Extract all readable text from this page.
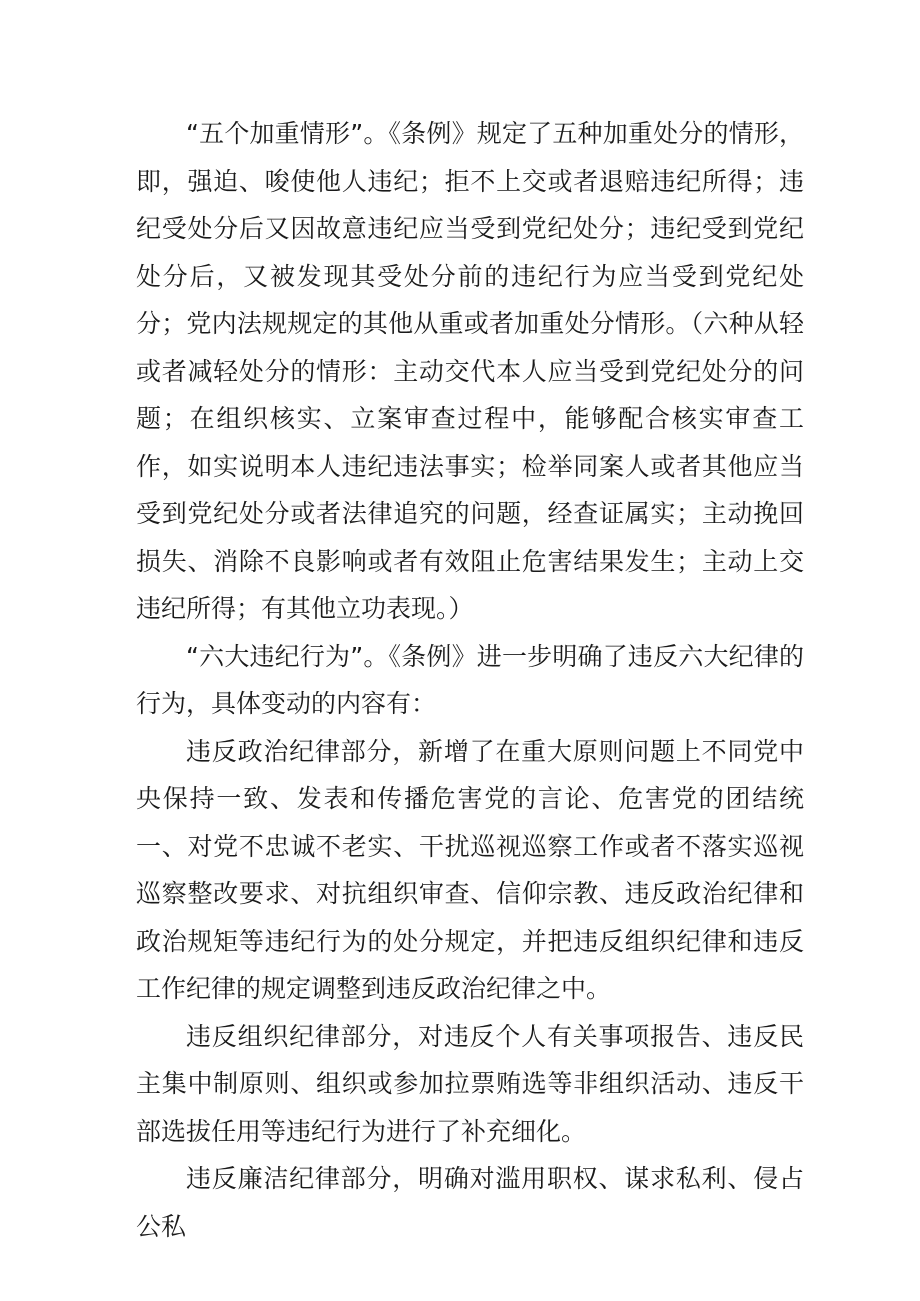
“五个加重情形”。《条例》规定了五种加重处分的情形，即，强迫、唆使他人违纪；拒不上交或者退赔违纪所得；违纪受处分后又因故意违纪应当受到党纪处分；违纪受到党纪处分后，又被发现其受处分前的违纪行为应当受到党纪处分；党内法规规定的其他从重或者加重处分情形。（六种从轻或者减轻处分的情形：主动交代本人应当受到党纪处分的问题；在组织核实、立案审查过程中，能够配合核实审查工作，如实说明本人违纪违法事实；检举同案人或者其他应当受到党纪处分或者法律追究的问题，经查证属实；主动挽回损失、消除不良影响或者有效阻止危害结果发生；主动上交违纪所得；有其他立功表现。）

“六大违纪行为”。《条例》进一步明确了违反六大纪律的行为，具体变动的内容有：

违反政治纪律部分，新增了在重大原则问题上不同党中央保持一致、发表和传播危害党的言论、危害党的团结统一、对党不忠诚不老实、干扰巡视巡察工作或者不落实巡视巡察整改要求、对抗组织审查、信仰宗教、违反政治纪律和政治规矩等违纪行为的处分规定，并把违反组织纪律和违反工作纪律的规定调整到违反政治纪律之中。

违反组织纪律部分，对违反个人有关事项报告、违反民主集中制原则、组织或参加拉票贿选等非组织活动、违反干部选拔任用等违纪行为进行了补充细化。

违反廉洁纪律部分，明确对滥用职权、谋求私利、侵占公私
